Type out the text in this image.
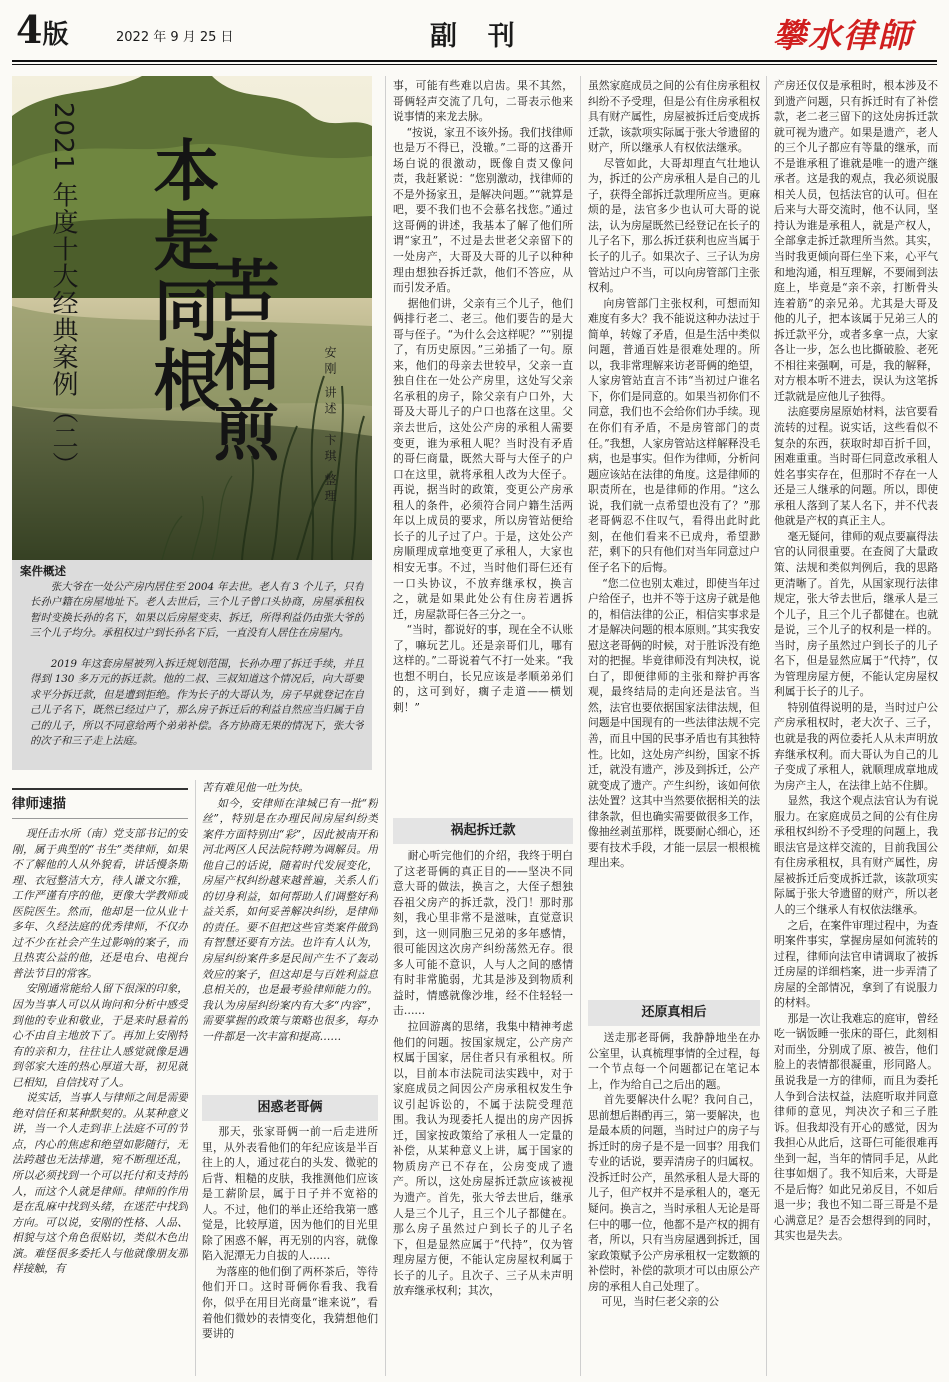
4版	2022 年 9 月 25 日	副  刊	攀水律師
2021 年度十大经典案例（二） 本是同根
苦相煎	安刚 讲述  卞琪 整理
案件概述
张大爷在一处公产房内居住至 2004 年去世。老人有 3 个儿子，只有长孙户籍在房屋地址下。老人去世后，三个儿子曾口头协商，房屋承租权暂时变换长孙的名下，如果以后房屋变卖、拆迁，所得利益仍由张大爷的三个儿子均分。承租权过户到长孙名下后，一直没有人居住在房屋内。
2019 年这套房屋被列入拆迁规划范围，长孙办理了拆迁手续，并且得到 130 多万元的拆迁款。他的二叔、三叔知道这个情况后，向大哥要求平分拆迁款，但是遭到拒绝。作为长子的大哥认为，房子早就登记在自己儿子名下，既然已经过户了，那么房子拆迁后的利益自然应当归属于自己的儿子，所以不同意给两个弟弟补偿。各方协商无果的情况下，张大爷的次子和三子走上法庭。
律师速描
现任击水所（南）党支部书记的安刚，属于典型的“书生”类律师，如果不了解他的人从外貌看，讲话慢条斯理、衣冠整洁大方，待人谦文尔雅，工作严谨有序的他，更像大学教师或医院医生。然而，他却是一位从业十多年、久经法庭的优秀律师，不仅办过不少在社会产生过影响的案子，而且热衷公益的他，还是电台、电视台普法节目的常客。
安刚通常能给人留下很深的印象，因为当事人可以从询问和分析中感受到他的专业和敬业，于是来时悬着的心不由自主地放下了。再加上安刚特有的亲和力，往往让人感觉就像是遇到邻家大连的热心厚道大哥，初见就已相知，自信找对了人。
说实话，当事人与律师之间是需要绝对信任和某种默契的。从某种意义讲，当一个人走到非上法庭不可的节点，内心的焦虑和绝望如影随行，无法跨越也无法排遣，宛不断理还乱，所以必须找到一个可以托付和支持的人，而这个人就是律师。律师的作用是在乱麻中找到头绪，在迷茫中找到方向。可以说，安刚的性格、人品、相貌与这个角色很贴切，类似木色出演。难怪很多委托人与他就像朋友那样接触，有
苦有难见他一吐为快。
如今，安律师在津城已有一批“粉丝”，特别是在办理民间房屋纠纷类案件方面特别出“彩”，因此被南开和河北两区人民法院特聘为调解员。用他自己的话说，随着时代发展变化，房屋产权纠纷越来越普遍，关系人们的切身利益，如何帮助人们调整好利益关系，如何妥善解决纠纷，是律师的责任。要不但把这些官类案件做到有智慧还要有方法。也许有人认为，房屋纠纷案件多是民间产生不了轰动效应的案子，但这却是与百姓利益息息相关的，也是最考验律师能力的。我认为房屋纠纷案内有大多“内容”，需要掌握的政策与策略也很多，每办一件都是一次丰富和提高……
困惑老哥俩
那天，张家哥俩一前一后走进所里，从外表看他们的年纪应该是半百往上的人，通过花白的头发、微驼的后背、粗糙的皮肤，我推测他们应该是工薪阶层，属于日子并不宽裕的人。不过，他们的举止还给我第一感觉是，比较厚道，因为他们的目光里除了困惑不解，再无别的内容，就像陷入泥潭无力自拔的人……
为落座的他们倒了两杯茶后，等待他们开口。这时哥俩你看我、我看你，似乎在用目光商量“谁来说”，看着他们微妙的表情变化，我猜想他们要讲的
事，可能有些难以启齿。果不其然，哥俩轻声交流了几句，二哥表示他来说事情的来龙去脉。
“按说，家丑不该外扬。我们找律师也是万不得已，没辙。”二哥的这番开场白说的很激动，既像自责又像问责，我赶紧说：“您别激动，找律师的不是外扬家丑，是解决问题。”“就算是吧，要不我们也不会慕名找您。”通过这哥俩的讲述，我基本了解了他们所谓“家丑”，不过是去世老父亲留下的一处房产，大哥及大哥的儿子以种种理由想独吞拆迁款，他们不答应，从而引发矛盾。
据他们讲，父亲有三个儿子，他们俩排行老二、老三。他们要告的是大哥与侄子。“为什么会这样呢？”“别提了，有历史原因。”三弟插了一句。原来，他们的母亲去世较早，父亲一直独自住在一处公产房里，这处写父亲名承租的房子，除父亲有户口外，大哥及大哥儿子的户口也落在这里。父亲去世后，这处公产房的承租人需要变更，谁为承租人呢？当时没有矛盾的哥仨商量，既然大哥与大侄子的户口在这里，就将承租人改为大侄子。再说，据当时的政策，变更公产房承租人的条件，必须符合同户籍生活两年以上成员的要求，所以房管站便给长子的儿子过了户。于是，这处公产房顺理成章地变更了承租人，大家也相安无事。不过，当时他们哥仨还有一口头协议，不放弃继承权，换言之，就是如果此处公有住房若遇拆迁，房屋款哥仨各三分之一。
“当时，都说好的事，现在全不认账了，嘛玩艺儿。还是亲哥们儿，哪有这样的。”二哥说着气不打一处来。“我也想不明白，长兄应该是孝顺弟弟们的，这可到好，瘸子走道——横划刺！”
祸起拆迁款
耐心听完他们的介绍，我终于明白了这老哥俩的真正目的——坚决不同意大哥的做法，换言之，大侄子想独吞祖父房产的拆迁款，没门！那时那刻，我心里非常不是滋味，直觉意识到，这一则同胞三兄弟的多年感情，很可能因这次房产纠纷荡然无存。很多人可能不意识，人与人之间的感情有时非常脆弱，尤其是涉及到物质利益时，情感就像沙堆，经不住轻轻一击……
拉回游离的思绪，我集中精神考虑他们的问题。按国家规定，公产房产权属于国家，居住者只有承租权。所以，目前本市法院司法实践中，对于家庭成员之间因公产房承租权发生争议引起诉讼的，不属于法院受理范围。我认为现委托人提出的房产因拆迁，国家按政策给了承租人一定量的补偿，从某种意义上讲，属于国家的物质房产已不存在，公房变成了遗产。所以，这处房屋拆迁款应该被视为遗产。首先，张大爷去世后，继承人是三个儿子，且三个儿子都健在。那么房子虽然过户到长子的儿子名下，但是显然应属于“代持”，仅为管理房屋方便，不能认定房屋权利属于长子的儿子。且次子、三子从未声明放弃继承权利；其次，
虽然家庭成员之间的公有住房承租权纠纷不予受理，但是公有住房承租权具有财产属性，房屋被拆迁后变成拆迁款，该款项实际属于张大爷遗留的财产，所以继承人有权依法继承。
尽管如此，大哥却理直气壮地认为，拆迁的公产房承租人是自己的儿子，获得全部拆迁款理所应当。更麻烦的是，法官多少也认可大哥的说法，认为房屋既然已经登记在长子的儿子名下，那么拆迁获利也应当属于长子的儿子。如果次子、三子认为房管站过户不当，可以向房管部门主张权利。
向房管部门主张权利，可想而知难度有多大？我不能说这种办法过于简单，转嫁了矛盾，但是生活中类似问题，普通百姓是很难处理的。所以，我非常理解来访老哥俩的绝望，人家房管站直言不讳“当初过户谁名下，你们是同意的。如果当初你们不同意，我们也不会给你们办手续。现在你们有矛盾，不是房管部门的责任。”我想，人家房管站这样解释没毛病，也是事实。但作为律师，分析问题应该站在法律的角度。这是律师的职责所在，也是律师的作用。“这么说，我们就一点希望也没有了？”那老哥俩忍不住叹气，看得出此时此刻，在他们看来不已成舟，希望渺茫，剩下的只有他们对当年同意过户侄子名下的后悔。
“您二位也别太难过，即使当年过户给侄子，也并不等于这房子就是他的，相信法律的公正，相信实事求是才是解决问题的根本原则。”其实我安慰这老哥俩的时候，对于胜诉没有绝对的把握。毕竟律师没有判决权，说白了，即便律师的主张和辩护再客观，最终结局的走向还是法官。当然，法官也要依据国家法律法规，但问题是中国现有的一些法律法规不完善，而且中国的民事矛盾也有其独特性。比如，这处房产纠纷，国家不拆迁，就没有遗产，涉及到拆迁，公产就变成了遗产。产生纠纷，该如何依法处置？这其中当然要依据相关的法律条款，但也确实需要做很多工作，像抽丝剥茧那样，既要耐心细心，还要有技术手段，才能一层层一根根梳理出来。
还原真相后
送走那老哥俩，我静静地坐在办公室里，认真梳理事情的全过程，每一个节点每一个问题都记在笔记本上，作为给自己之后出的题。
首先要解决什么呢？我问自己，思前想后斟酌再三，第一要解决，也是最本质的问题，当时过户的房子与拆迁时的房子是不是一回事？用我们专业的话说，要弄清房子的归属权。没拆迁时公产，虽然承租人是大哥的儿子，但产权并不是承租人的，毫无疑问。换言之，当时承租人无论是哥仨中的哪一位，他都不是产权的拥有者，所以，只有当房屋遇到拆迁，国家政策赋予公产房承租权一定数额的补偿时，补偿的款项才可以由原公产房的承租人自己处理了。
可见，当时仨老父亲的公
产房还仅仅是承租时，根本涉及不到遗产问题，只有拆迁时有了补偿款，老二老三留下的这处房拆迁款就可视为遗产。如果是遗产，老人的三个儿子都应有等量的继承，而不是谁承租了谁就是唯一的遗产继承者。这是我的观点，我必须说服相关人员，包括法官的认可。但在后来与大哥交流时，他不认同，坚持认为谁是承租人，就是产权人，全部拿走拆迁款理所当然。其实，当时我更倾向哥仨坐下来，心平气和地沟通，相互理解，不要闹到法庭上，毕竟是“亲不亲，打断骨头连着筋”的亲兄弟。尤其是大哥及他的儿子，把本该属于兄弟三人的拆迁款平分，或者多拿一点，大家各让一步，怎么也比撕破脸、老死不相往来强啊，可是，我的解释，对方根本听不进去，误认为这笔拆迁款就是应他儿子独得。
法庭要房屋原始材料，法官要看流转的过程。说实话，这些看似不复杂的东西，获取时却百折千回，困难重重。当时哥仨同意改承租人姓名事实存在，但那时不存在一人还是三人继承的问题。所以，即使承租人落到了某人名下，并不代表他就是产权的真正主人。
毫无疑问，律师的观点要赢得法官的认同很重要。在查阅了大量政策、法规和类似判例后，我的思路更清晰了。首先，从国家现行法律规定，张大爷去世后，继承人是三个儿子，且三个儿子都健在。也就是说，三个儿子的权利是一样的。当时，房子虽然过户到长子的儿子名下，但是显然应属于“代持”，仅为管理房屋方便，不能认定房屋权利属于长子的儿子。
特别值得说明的是，当时过户公产房承租权时，老大次子、三子，也就是我的两位委托人从未声明放弃继承权利。而大哥认为自己的儿子变成了承租人，就顺理成章地成为房产主人，在法律上站不住脚。
显然，我这个观点法官认为有说服力。在家庭成员之间的公有住房承租权纠纷不予受理的问题上，我眼法官是这样交流的，目前我国公有住房承租权，具有财产属性，房屋被拆迁后变成拆迁款，该款项实际属于张大爷遗留的财产，所以老人的三个继承人有权依法继承。
之后，在案件审理过程中，为查明案件事实，掌握房屋如何流转的过程，律师向法官申请调取了被拆迁房屋的详细档案，进一步弄清了房屋的全部情况，拿到了有说服力的材料。
那是一次让我难忘的庭审，曾经吃一锅饭睡一张床的哥仨，此刻相对而坐，分别成了原、被告，他们脸上的表情都很凝重，形同路人。虽说我是一方的律师，而且为委托人争到合法权益，法庭听取并同意律师的意见，判决次子和三子胜诉。但我却没有开心的感觉，因为我担心从此后，这哥仨可能很难再坐到一起，当年的情同手足，从此往事如烟了。我不知后来，大哥是不是后悔？如此兄弟反目，不如后退一步；我也不知二哥三哥是不是心满意足？是否会想得到的同时，其实也是失去。
